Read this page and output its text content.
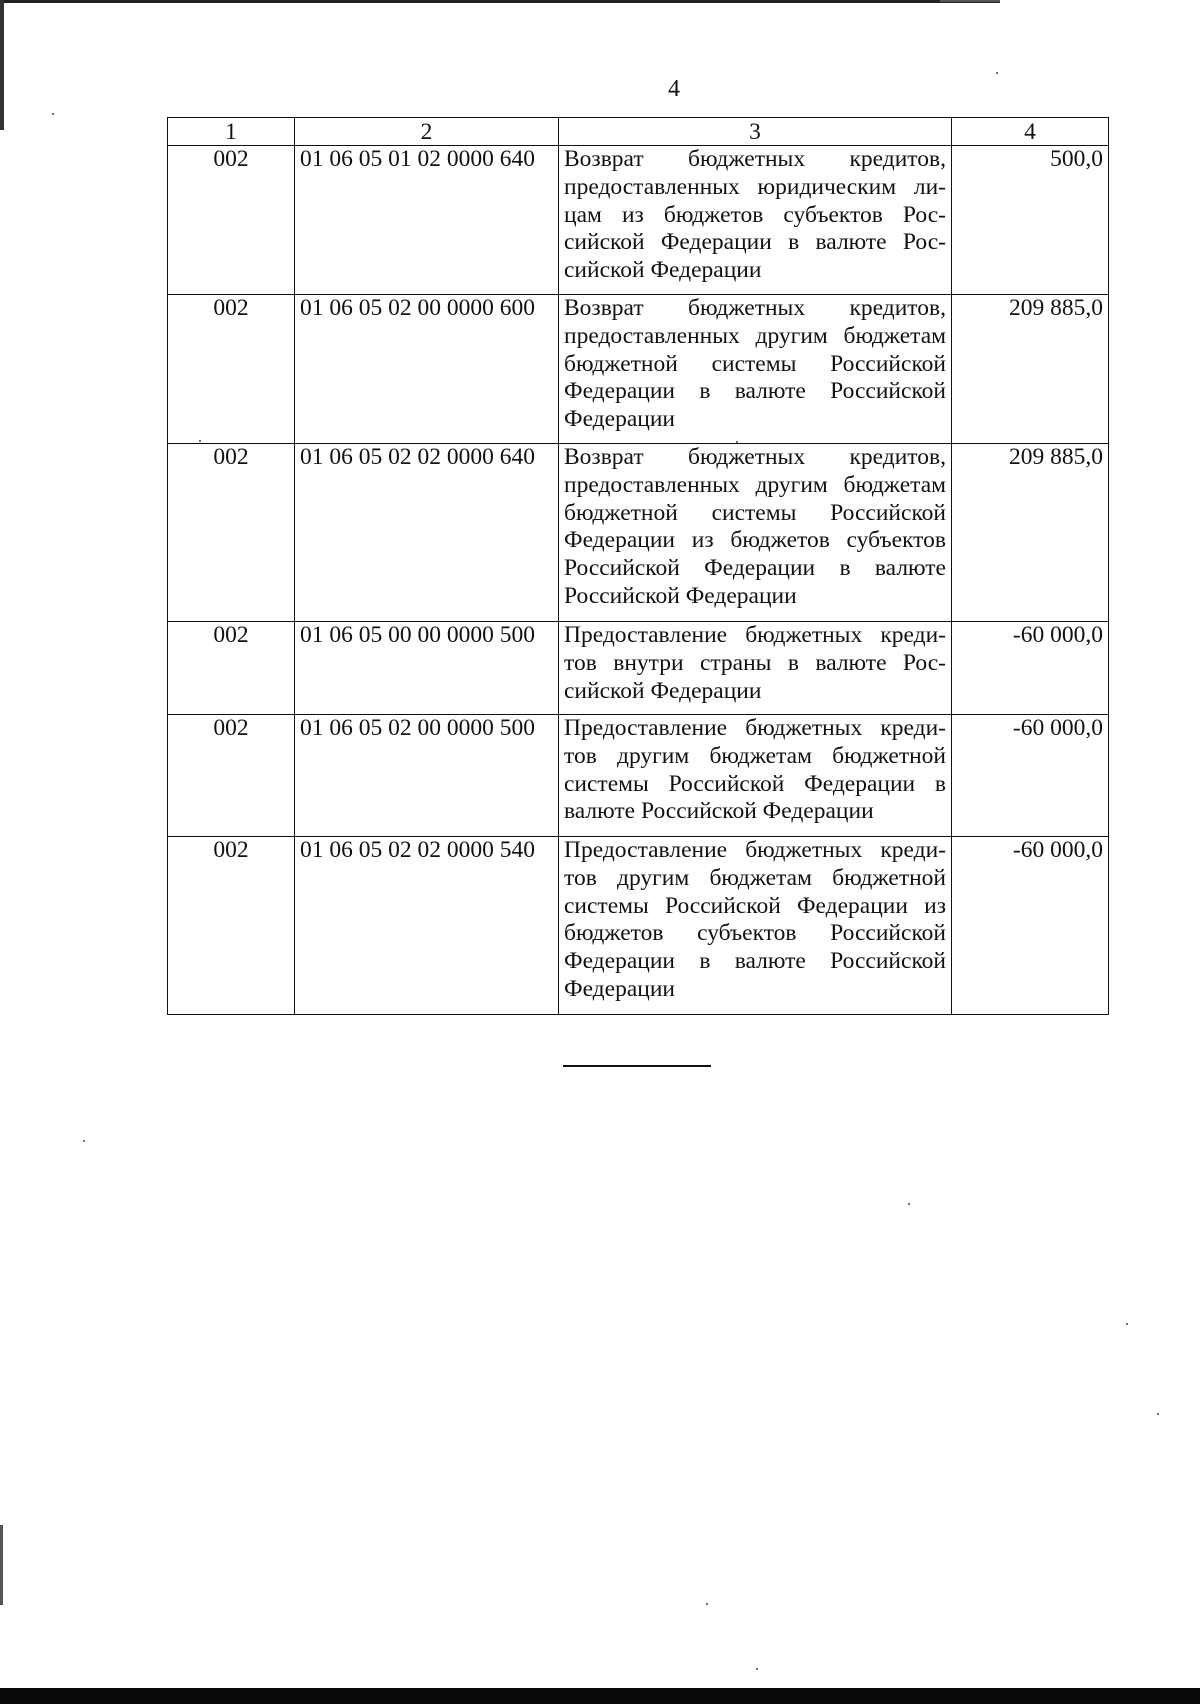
4

1	2	3	4
002	01 06 05 01 02 0000 640	Возврат бюджетных кредитов, предоставленных юридическим лицам из бюджетов субъектов Российской Федерации в валюте Российской Федерации	500,0
002	01 06 05 02 00 0000 600	Возврат бюджетных кредитов, предоставленных другим бюджетам бюджетной системы Российской Федерации в валюте Российской Федерации	209 885,0
002	01 06 05 02 02 0000 640	Возврат бюджетных кредитов, предоставленных другим бюджетам бюджетной системы Российской Федерации из бюджетов субъектов Российской Федерации в валюте Российской Федерации	209 885,0
002	01 06 05 00 00 0000 500	Предоставление бюджетных кредитов внутри страны в валюте Российской Федерации	-60 000,0
002	01 06 05 02 00 0000 500	Предоставление бюджетных кредитов другим бюджетам бюджетной системы Российской Федерации в валюте Российской Федерации	-60 000,0
002	01 06 05 02 02 0000 540	Предоставление бюджетных кредитов другим бюджетам бюджетной системы Российской Федерации из бюджетов субъектов Российской Федерации в валюте Российской Федерации	-60 000,0
